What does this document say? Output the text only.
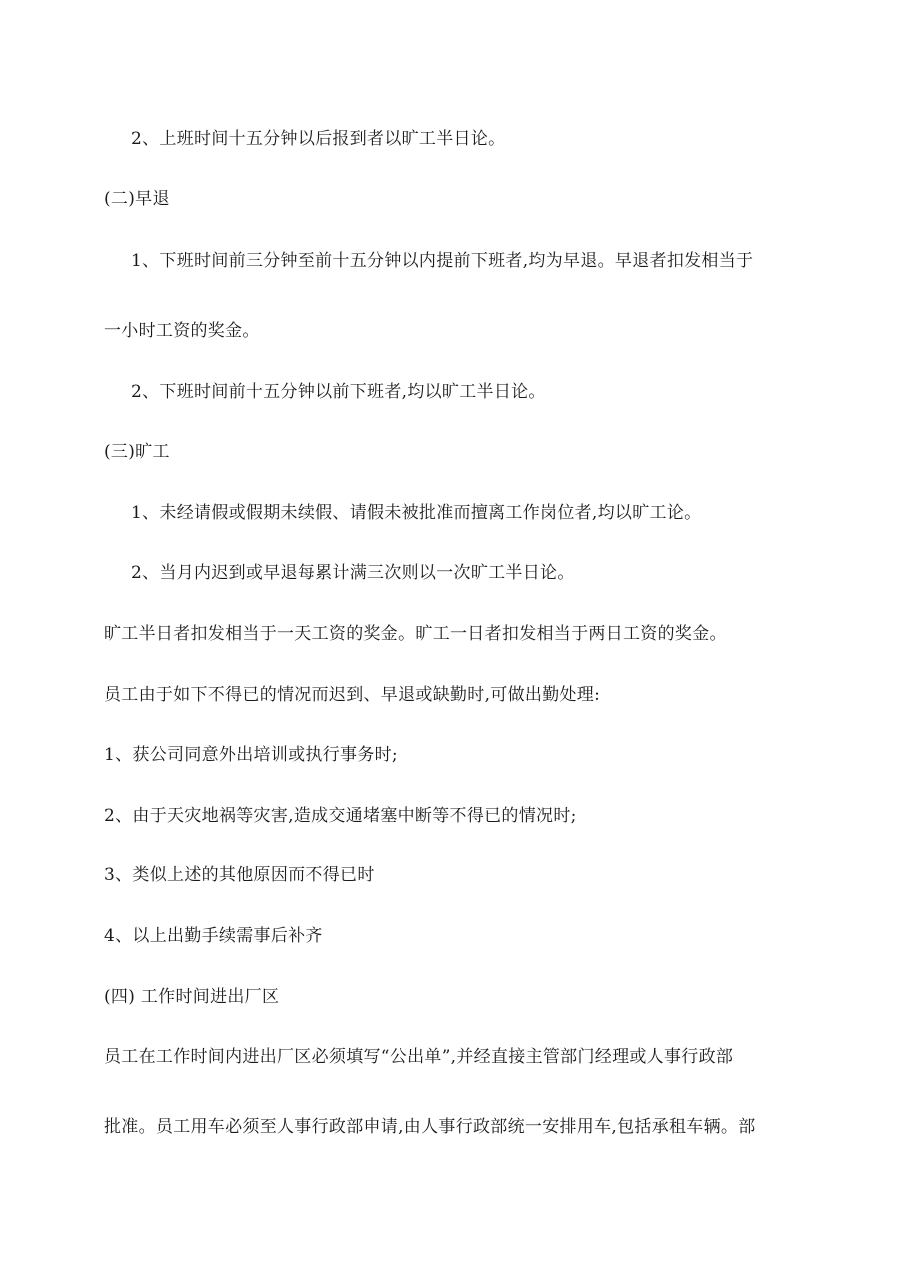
2、上班时间十五分钟以后报到者以旷工半日论。
(二)早退
1、下班时间前三分钟至前十五分钟以内提前下班者,均为早退。早退者扣发相当于
一小时工资的奖金。
2、下班时间前十五分钟以前下班者,均以旷工半日论。
(三)旷工
1、未经请假或假期未续假、请假未被批准而擅离工作岗位者,均以旷工论。
2、当月内迟到或早退每累计满三次则以一次旷工半日论。
旷工半日者扣发相当于一天工资的奖金。旷工一日者扣发相当于两日工资的奖金。
员工由于如下不得已的情况而迟到、早退或缺勤时,可做出勤处理:
1、获公司同意外出培训或执行事务时;
2、由于天灾地祸等灾害,造成交通堵塞中断等不得已的情况时;
3、类似上述的其他原因而不得已时
4、以上出勤手续需事后补齐
(四) 工作时间进出厂区
员工在工作时间内进出厂区必须填写“公出单”,并经直接主管部门经理或人事行政部
批准。员工用车必须至人事行政部申请,由人事行政部统一安排用车,包括承租车辆。部
